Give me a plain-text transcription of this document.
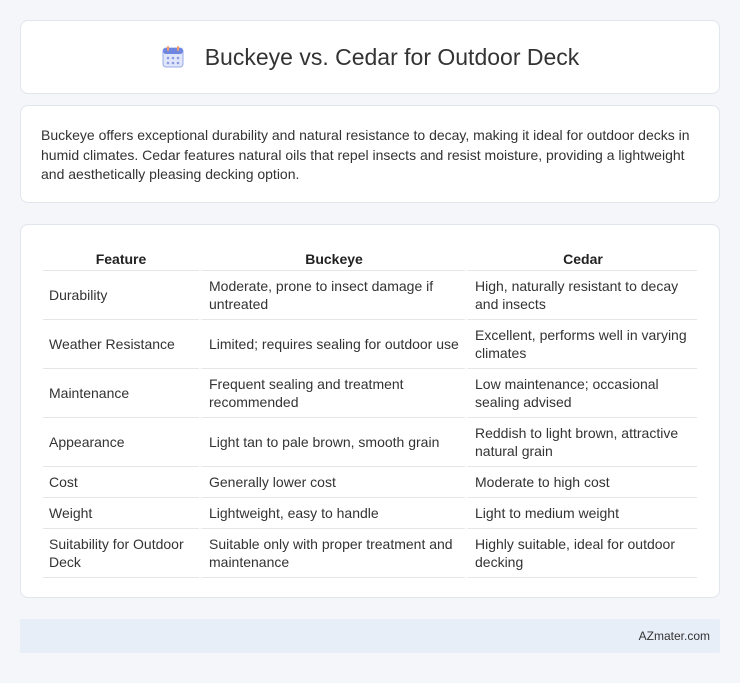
Buckeye vs. Cedar for Outdoor Deck

Buckeye offers exceptional durability and natural resistance to decay, making it ideal for outdoor decks in humid climates. Cedar features natural oils that repel insects and resist moisture, providing a lightweight and aesthetically pleasing decking option.

Feature	Buckeye	Cedar
Durability	Moderate, prone to insect damage if untreated	High, naturally resistant to decay and insects
Weather Resistance	Limited; requires sealing for outdoor use	Excellent, performs well in varying climates
Maintenance	Frequent sealing and treatment recommended	Low maintenance; occasional sealing advised
Appearance	Light tan to pale brown, smooth grain	Reddish to light brown, attractive natural grain
Cost	Generally lower cost	Moderate to high cost
Weight	Lightweight, easy to handle	Light to medium weight
Suitability for Outdoor Deck	Suitable only with proper treatment and maintenance	Highly suitable, ideal for outdoor decking
AZmater.com
